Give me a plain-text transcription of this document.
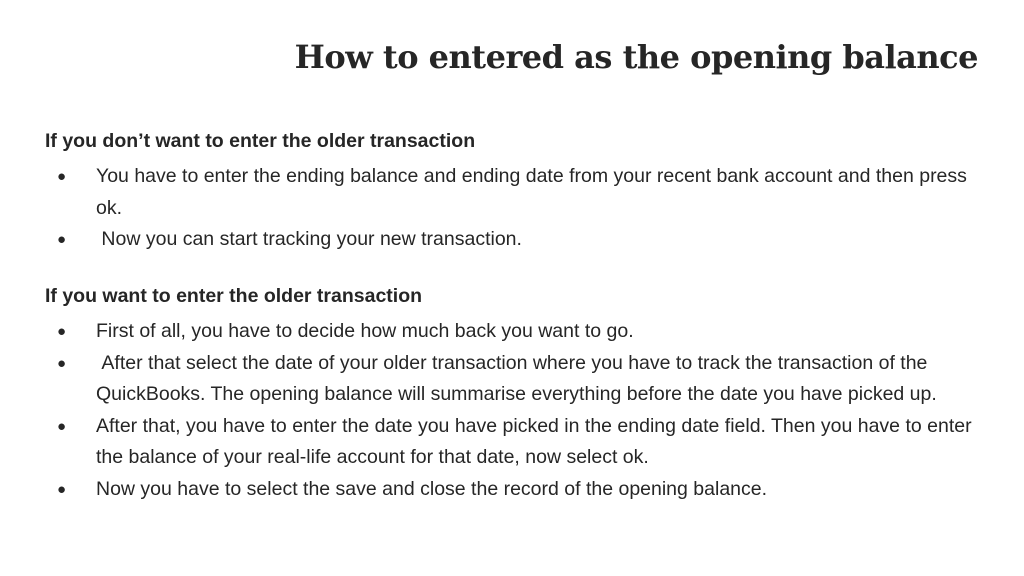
How to entered as the opening balance
If you don’t want to enter the older transaction
● You have to enter the ending balance and ending date from your recent bank account and then press ok.
● Now you can start tracking your new transaction.
If you want to enter the older transaction
● First of all, you have to decide how much back you want to go.
● After that select the date of your older transaction where you have to track the transaction of the QuickBooks. The opening balance will summarise everything before the date you have picked up.
● After that, you have to enter the date you have picked in the ending date field. Then you have to enter the balance of your real-life account for that date, now select ok.
● Now you have to select the save and close the record of the opening balance.
